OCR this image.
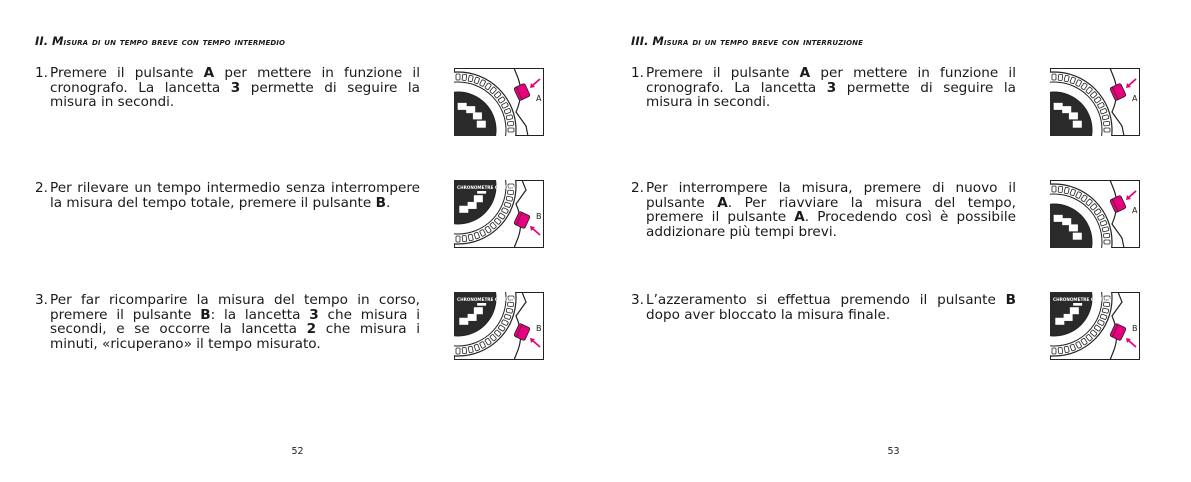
II. Misura di un tempo breve con tempo intermedio
1. Premere il pulsante A per mettere in funzione il cronografo. La lancetta 3 permette di seguire la misura in secondi.	A
2. Per rilevare un tempo intermedio senza interrompere la misura del tempo totale, premere il pulsante B.
B
CHRONOMETRE CERTIFIE
3. Per far ricomparire la misura del tempo in corso, premere il pulsante B: la lancetta 3 che misura i secondi, e se occorre la lancetta 2 che misura i minuti, «ricuperano» il tempo misurato.
B
CHRONOMETRE CERTIFIE
52
III. Misura di un tempo breve con interruzione
1. Premere il pulsante A per mettere in funzione il cronografo. La lancetta 3 permette di seguire la misura in secondi.	A
2. Per interrompere la misura, premere di nuovo il pulsante A. Per riavviare la misura del tempo, premere il pulsante A. Procedendo così è possibile addizionare più tempi brevi.
A
3. L’azzeramento si effettua premendo il pulsante B dopo aver bloccato la misura finale.
B
CHRONOMETRE CERTIFIE
53
